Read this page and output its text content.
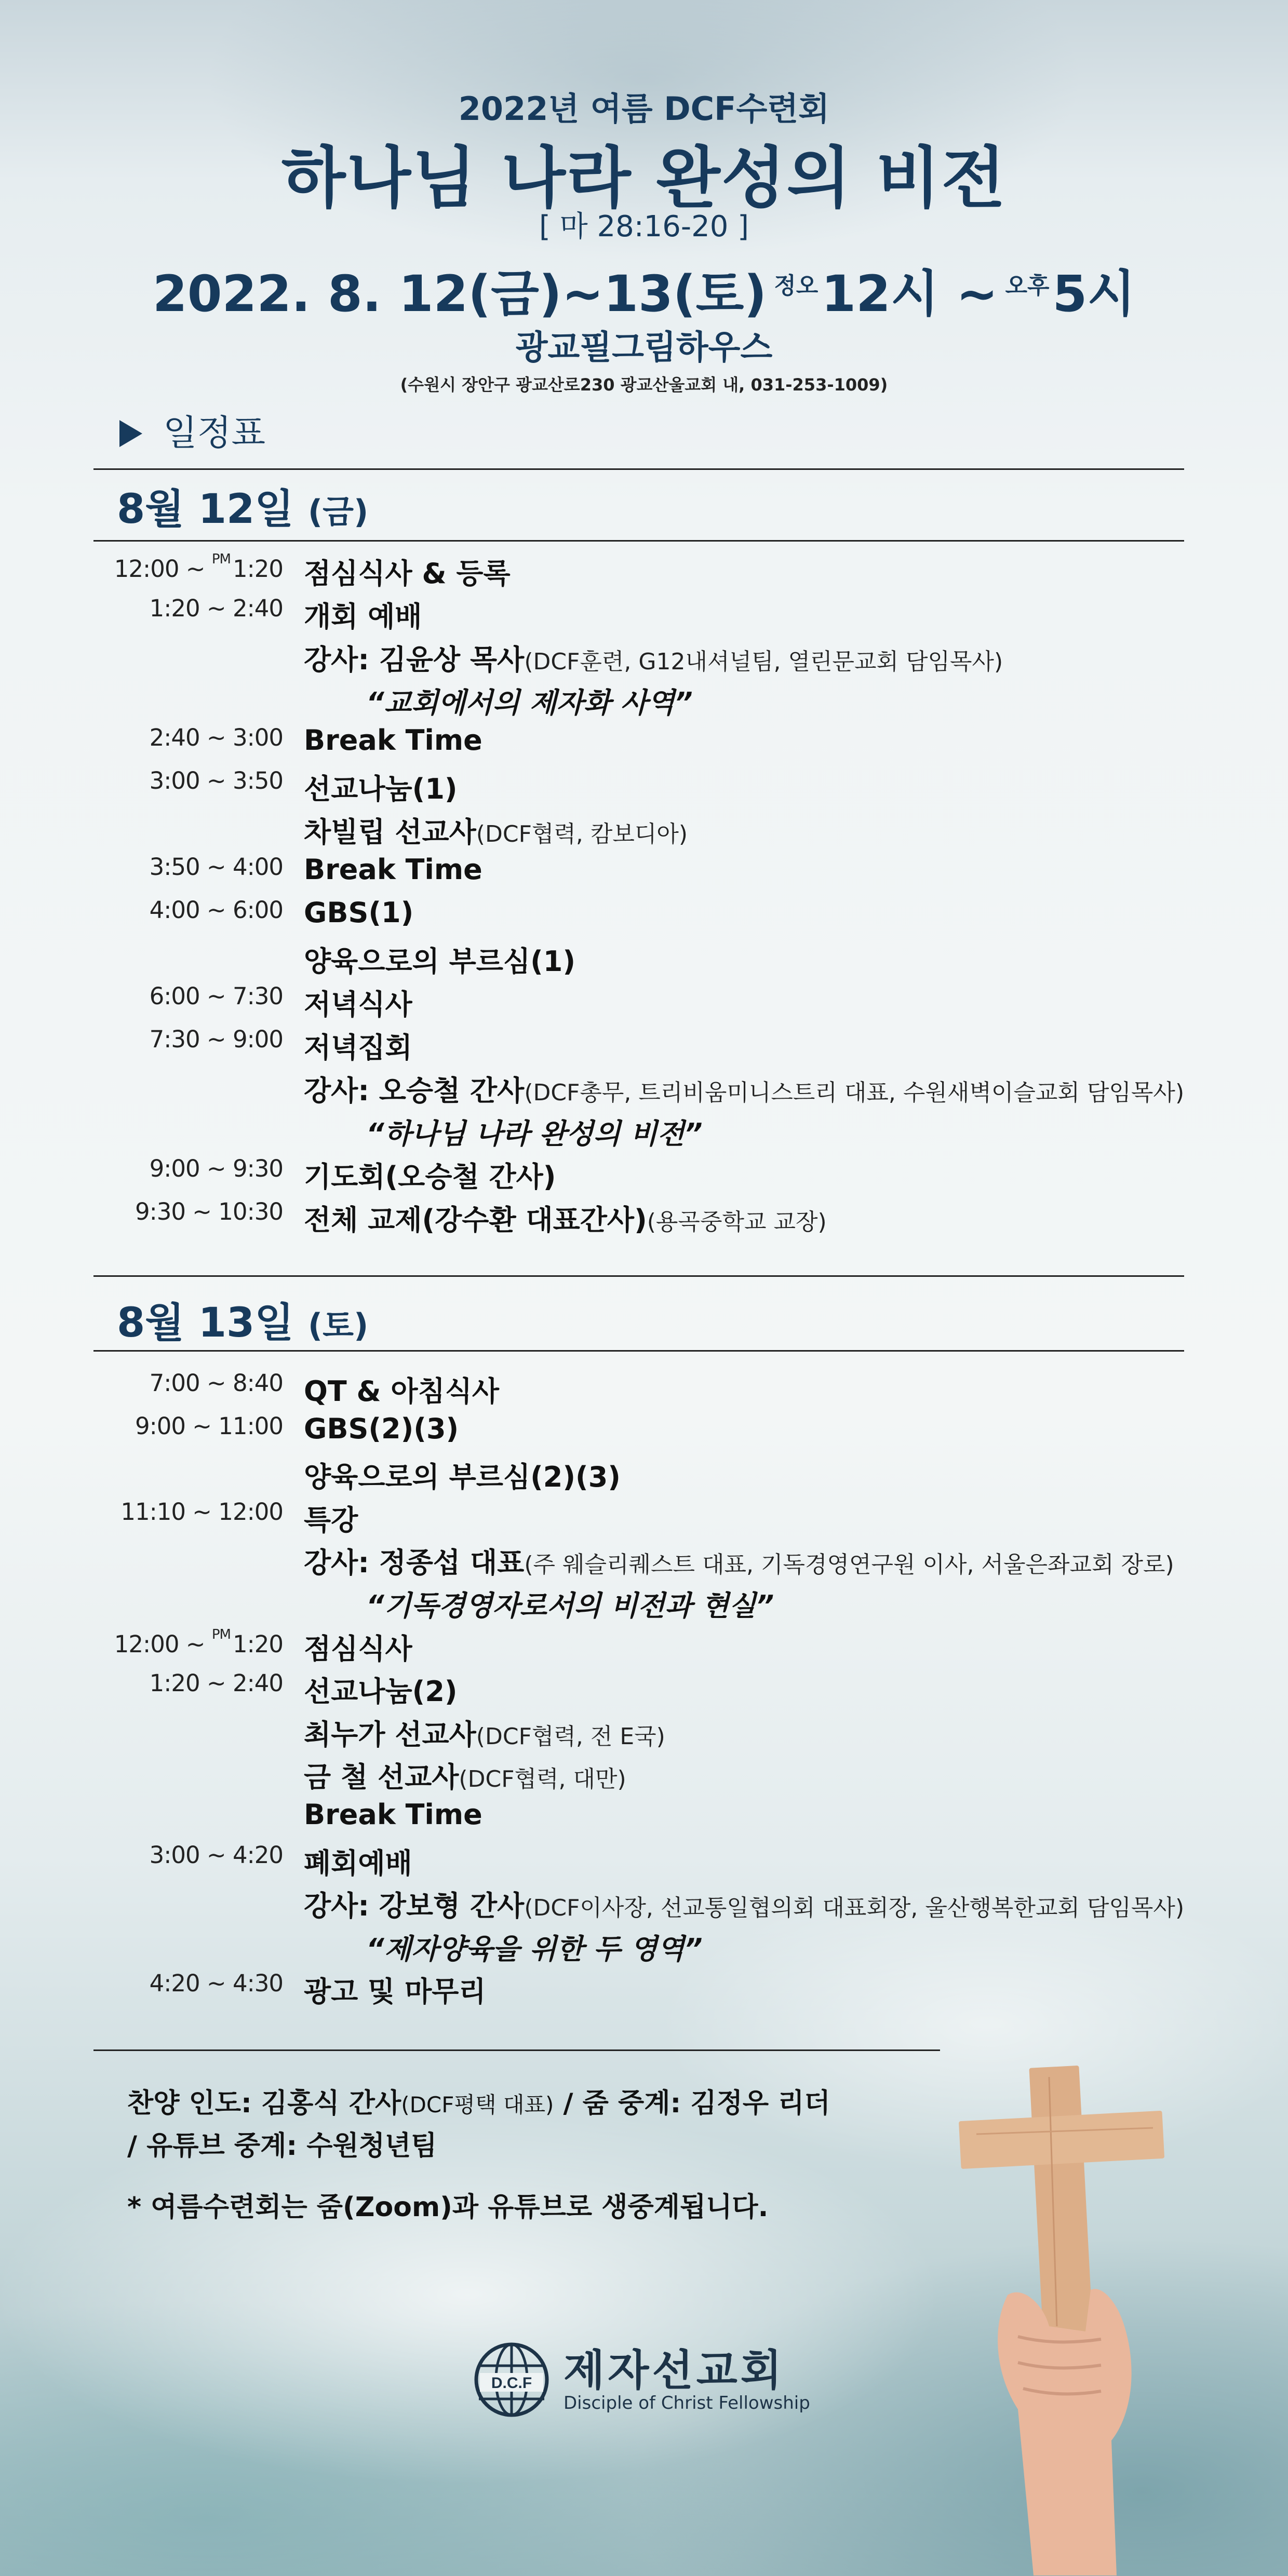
2022년 여름 DCF수련회
하나님 나라 완성의 비전
[ 마 28:16-20 ]
2022. 8. 12(금)~13(토) $^{정오}$12시 ~ $^{오후}$5시
광교필그림하우스
(수원시 장안구 광교산로230 광교산울교회 내, 031-253-1009)
일정표
8월 12일 (금)
12:00 ~ $^{PM}$1:20 점심식사 & 등록
1:20 ~ 2:40 개회 예배
강사: 김윤상 목사(DCF훈련, G12내셔널팀, 열린문교회 담임목사)
“교회에서의 제자화 사역”
2:40 ~ 3:00 Break Time
3:00 ~ 3:50 선교나눔(1)
차빌립 선교사(DCF협력, 캄보디아)
3:50 ~ 4:00 Break Time
4:00 ~ 6:00 GBS(1)
양육으로의 부르심(1)
6:00 ~ 7:30 저녁식사
7:30 ~ 9:00 저녁집회
강사: 오승철 간사(DCF총무, 트리비움미니스트리 대표, 수원새벽이슬교회 담임목사)
“하나님 나라 완성의 비전”
9:00 ~ 9:30 기도회(오승철 간사)
9:30 ~ 10:30 전체 교제(강수환 대표간사)(용곡중학교 교장)
8월 13일 (토)
7:00 ~ 8:40 QT & 아침식사
9:00 ~ 11:00 GBS(2)(3)
양육으로의 부르심(2)(3)
11:10 ~ 12:00 특강
강사: 정종섭 대표(주 웨슬리퀘스트 대표, 기독경영연구원 이사, 서울은좌교회 장로)
“기독경영자로서의 비전과 현실”
12:00 ~ $^{PM}$1:20 점심식사
1:20 ~ 2:40 선교나눔(2)
최누가 선교사(DCF협력, 전 E국)
금 철 선교사(DCF협력, 대만)
Break Time
3:00 ~ 4:20 폐회예배
강사: 강보형 간사(DCF이사장, 선교통일협의회 대표회장, 울산행복한교회 담임목사)
“제자양육을 위한 두 영역”
4:20 ~ 4:30 광고 및 마무리
찬양 인도: 김홍식 간사(DCF평택 대표) / 줌 중계: 김정우 리더
/ 유튜브 중계: 수원청년팀
* 여름수련회는 줌(Zoom)과 유튜브로 생중계됩니다.
D.C.F 제자선교회
Disciple of Christ Fellowship
